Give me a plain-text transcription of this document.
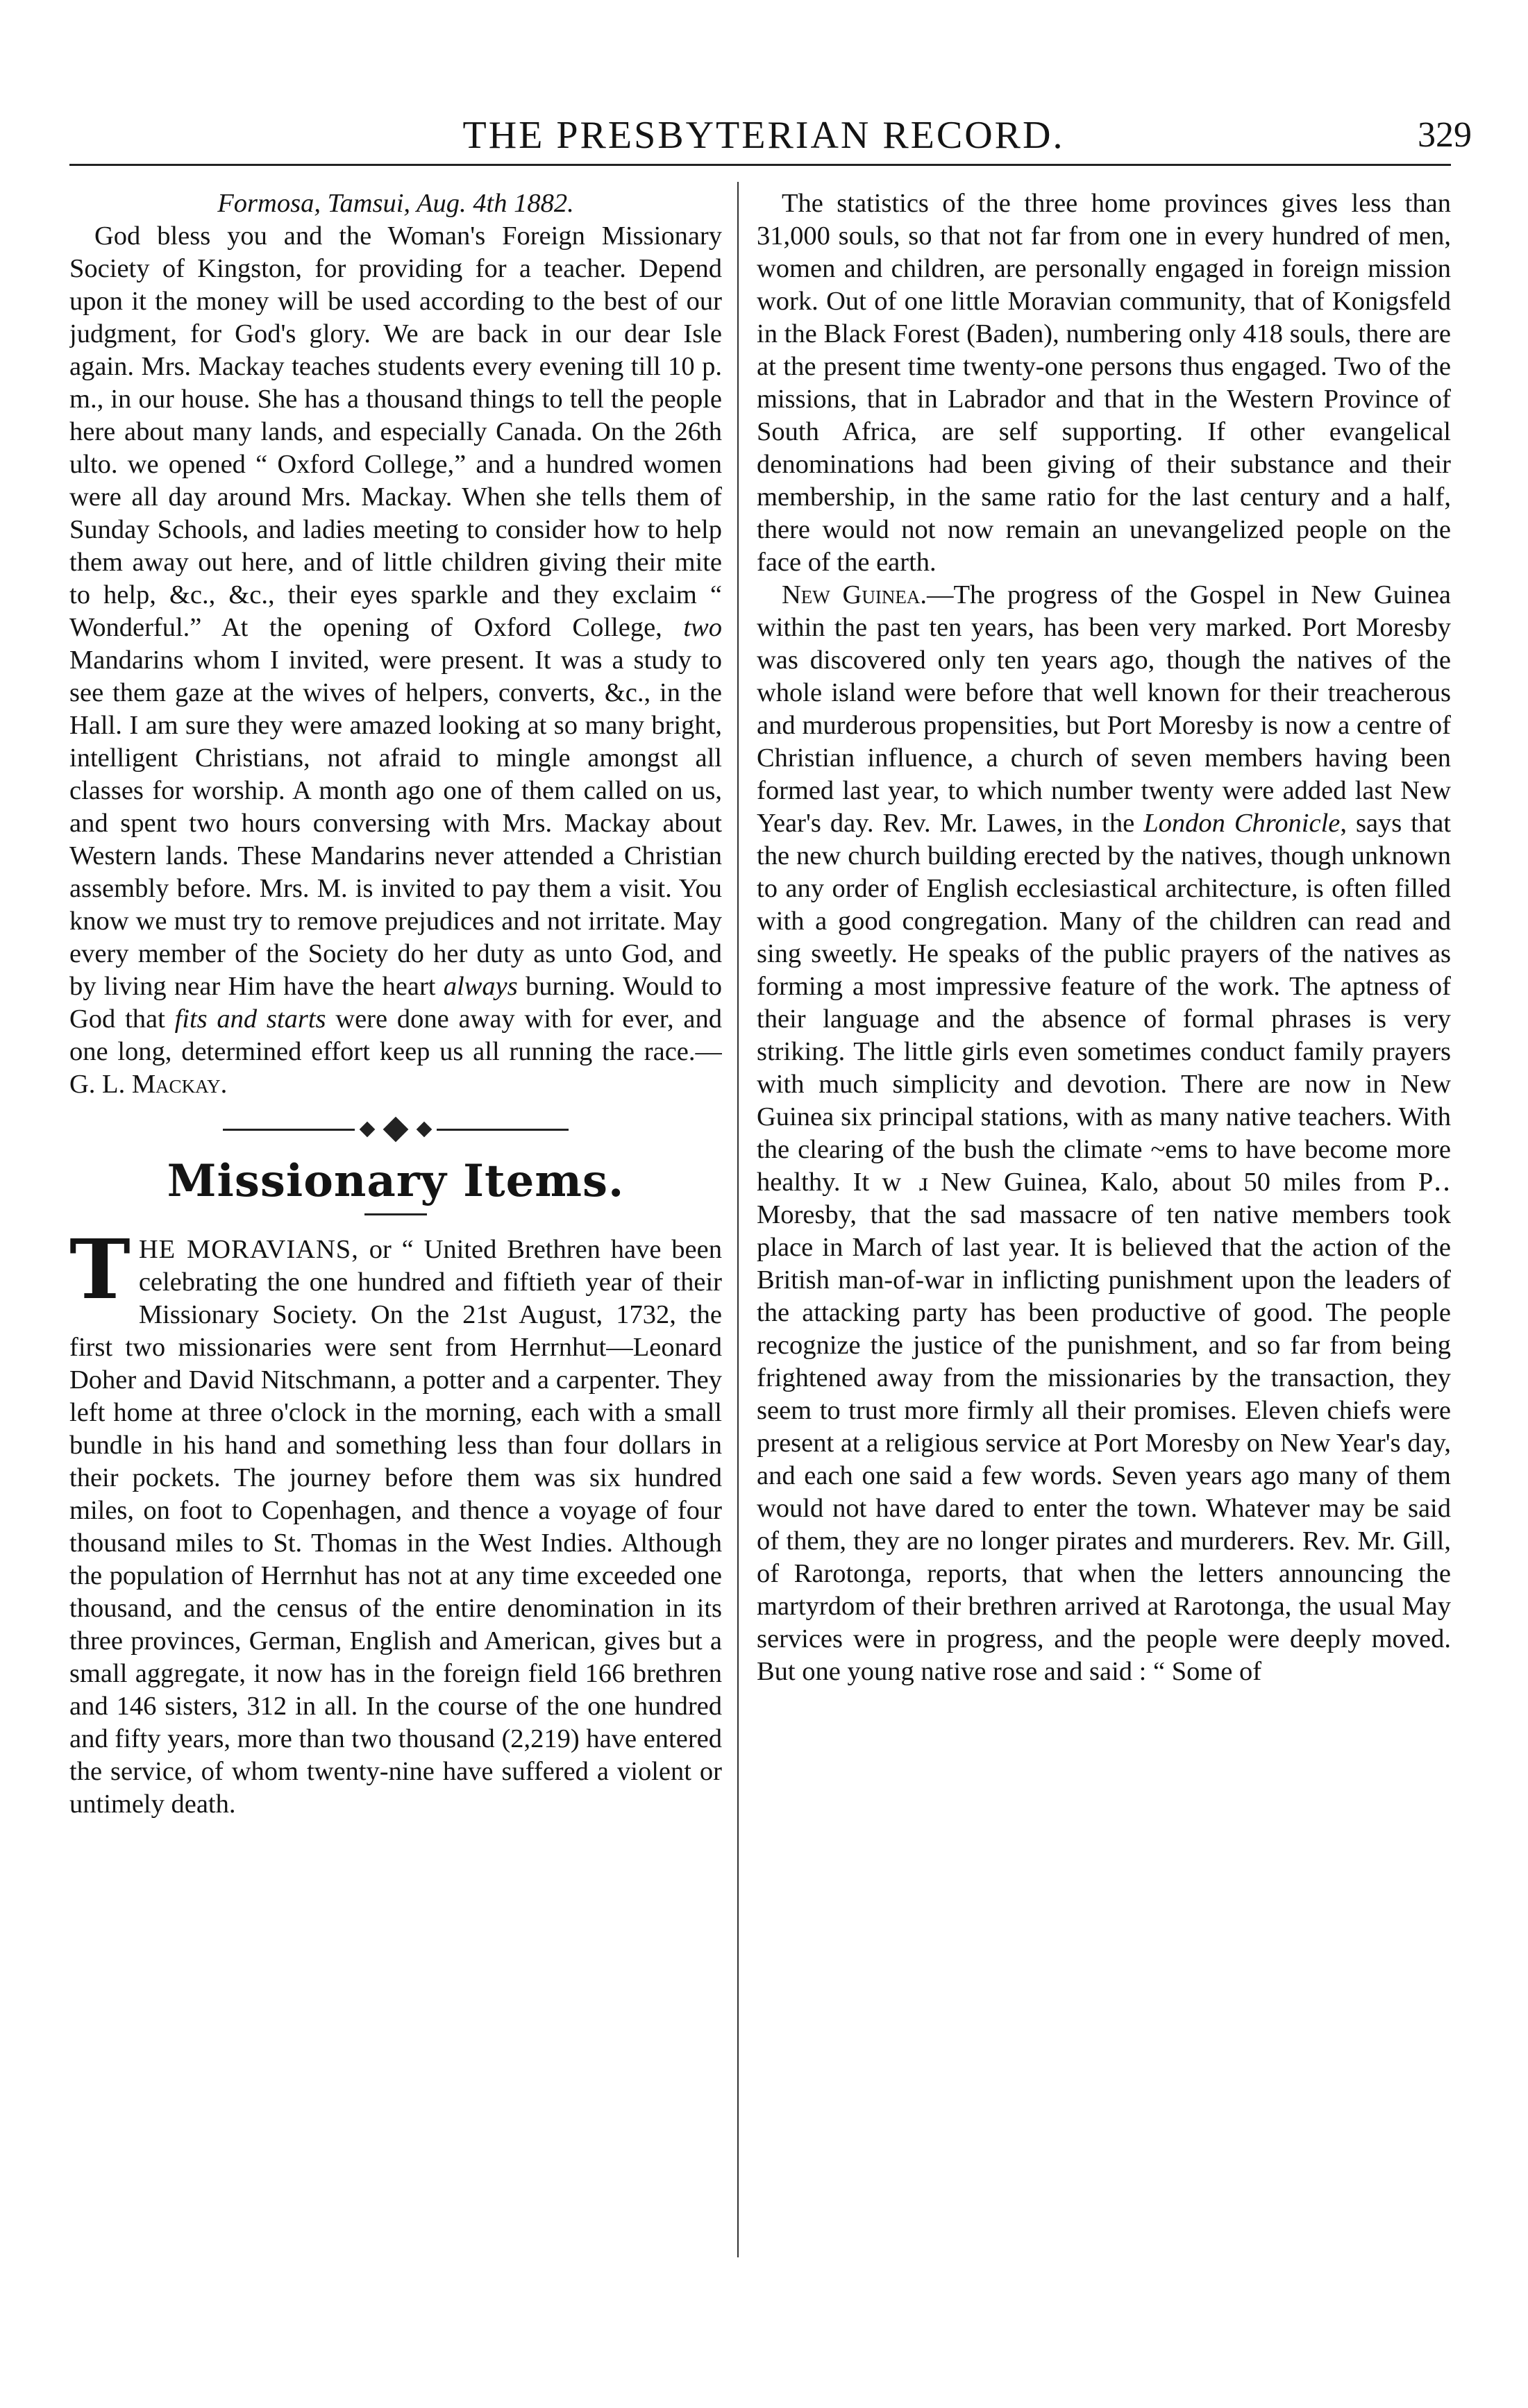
THE PRESBYTERIAN RECORD.	329

Formosa, Tamsui, Aug. 4th 1882.

God bless you and the Woman's Foreign Missionary Society of Kingston, for providing for a teacher. Depend upon it the money will be used according to the best of our judgment, for God's glory. We are back in our dear Isle again. Mrs. Mackay teaches students every evening till 10 p. m., in our house. She has a thousand things to tell the people here about many lands, and especially Canada. On the 26th ulto. we opened “ Oxford College,” and a hundred women were all day around Mrs. Mackay. When she tells them of Sunday Schools, and ladies meeting to consider how to help them away out here, and of little children giving their mite to help, &c., &c., their eyes sparkle and they exclaim “ Wonderful.” At the opening of Oxford College, two Mandarins whom I invited, were present. It was a study to see them gaze at the wives of helpers, converts, &c., in the Hall. I am sure they were amazed looking at so many bright, intelligent Christians, not afraid to mingle amongst all classes for worship. A month ago one of them called on us, and spent two hours conversing with Mrs. Mackay about Western lands. These Mandarins never attended a Christian assembly before. Mrs. M. is invited to pay them a visit. You know we must try to remove prejudices and not irritate. May every member of the Society do her duty as unto God, and by living near Him have the heart always burning. Would to God that fits and starts were done away with for ever, and one long, determined effort keep us all running the race.—G. L. Mackay.

Missionary Items.

THE MORAVIANS, or “ United Brethren have been celebrating the one hundred and fiftieth year of their Missionary Society. On the 21st August, 1732, the first two missionaries were sent from Herrnhut—Leonard Doher and David Nitschmann, a potter and a carpenter. They left home at three o'clock in the morning, each with a small bundle in his hand and something less than four dollars in their pockets. The journey before them was six hundred miles, on foot to Copenhagen, and thence a voyage of four thousand miles to St. Thomas in the West Indies. Although the population of Herrnhut has not at any time exceeded one thousand, and the census of the entire denomination in its three provinces, German, English and American, gives but a small aggregate, it now has in the foreign field 166 brethren and 146 sisters, 312 in all. In the course of the one hundred and fifty years, more than two thousand (2,219) have entered the service, of whom twenty-nine have suffered a violent or untimely death.

The statistics of the three home provinces gives less than 31,000 souls, so that not far from one in every hundred of men, women and children, are personally engaged in foreign mission work. Out of one little Moravian community, that of Konigsfeld in the Black Forest (Baden), numbering only 418 souls, there are at the present time twenty-one persons thus engaged. Two of the missions, that in Labrador and that in the Western Province of South Africa, are self supporting. If other evangelical denominations had been giving of their substance and their membership, in the same ratio for the last century and a half, there would not now remain an unevangelized people on the face of the earth.

New Guinea.—The progress of the Gospel in New Guinea within the past ten years, has been very marked. Port Moresby was discovered only ten years ago, though the natives of the whole island were before that well known for their treacherous and murderous propensities, but Port Moresby is now a centre of Christian influence, a church of seven members having been formed last year, to which number twenty were added last New Year's day. Rev. Mr. Lawes, in the London Chronicle, says that the new church building erected by the natives, though unknown to any order of English ecclesiastical architecture, is often filled with a good congregation. Many of the children can read and sing sweetly. He speaks of the public prayers of the natives as forming a most impressive feature of the work. The aptness of their language and the absence of formal phrases is very striking. The little girls even sometimes conduct family prayers with much simplicity and devotion. There are now in New Guinea six principal stations, with as many native teachers. With the clearing of the bush the climate ~ems to have become more healthy. It w  ɹ New Guinea, Kalo, about 50 miles from P․․ Moresby, that the sad massacre of ten native members took place in March of last year. It is believed that the action of the British man-of-war in inflicting punishment upon the leaders of the attacking party has been productive of good. The people recognize the justice of the punishment, and so far from being frightened away from the missionaries by the transaction, they seem to trust more firmly all their promises. Eleven chiefs were present at a religious service at Port Moresby on New Year's day, and each one said a few words. Seven years ago many of them would not have dared to enter the town. Whatever may be said of them, they are no longer pirates and murderers. Rev. Mr. Gill, of Rarotonga, reports, that when the letters announcing the martyrdom of their brethren arrived at Rarotonga, the usual May services were in progress, and the people were deeply moved. But one young native rose and said : “ Some of
